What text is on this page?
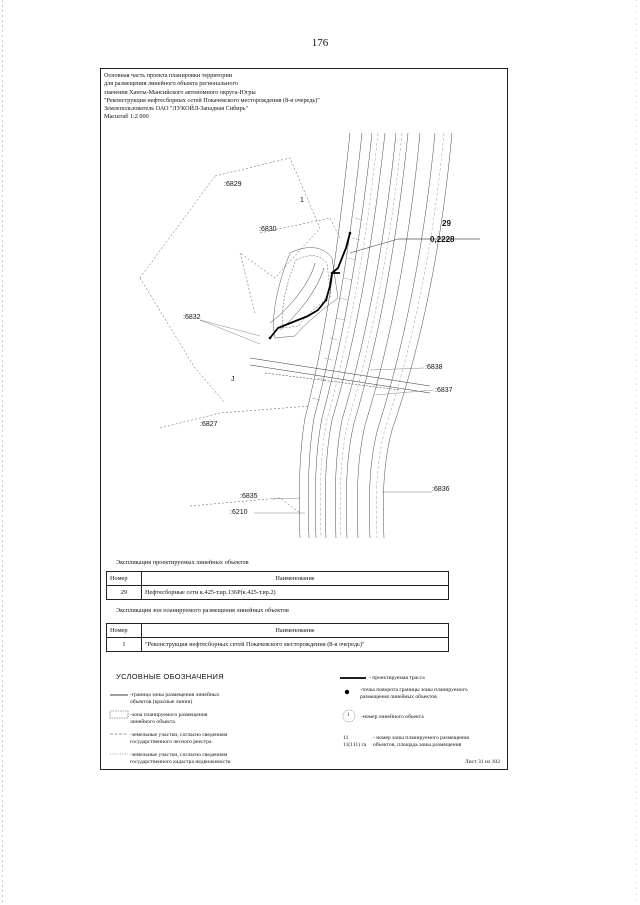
176
Основная часть проекта планировки территории
для размещения линейного объекта регионального
значения Ханты-Мансийского автономного округа-Югры
"Реконструкция нефтесборных сетей Покачевского месторождения (8-я очередь)"
Землепользователь ОАО "ЛУКОЙЛ-Западная Сибирь"
Масштаб 1:2 000
:6829
:6830
:6832
:6827
:6835
:6210
:6838
:6837
:6836
29
0,2228
1
J
Экспликация проектируемых линейных объектов
Номер	Наименование
29	Нефтесборные сети к.425-т.вр.136Р(к.425-т.вр.2)
Экспликация зон планируемого размещения линейных объектов
Номер	Наименование
1	"Реконструкция нефтесборных сетей Покачевского месторождения (8-я очередь)"
УСЛОВНЫЕ ОБОЗНАЧЕНИЯ
-граница зоны размещения линейных
объектов (красные линии)
-зона планируемого размещения
линейного объекта
-земельные участки, согласно сведениям
государственного лесного реестра
-земельные участки, согласно сведениям
государственного кадастра недвижимости
- проектируемая трасса
-точка поворота границы зоны планируемого
размещения линейных объектов
1 -номер линейного объекта
11
11(111) га
- номер зоны планируемого размещения
объектов, площадь зоны размещения
Лист 31 из 102
